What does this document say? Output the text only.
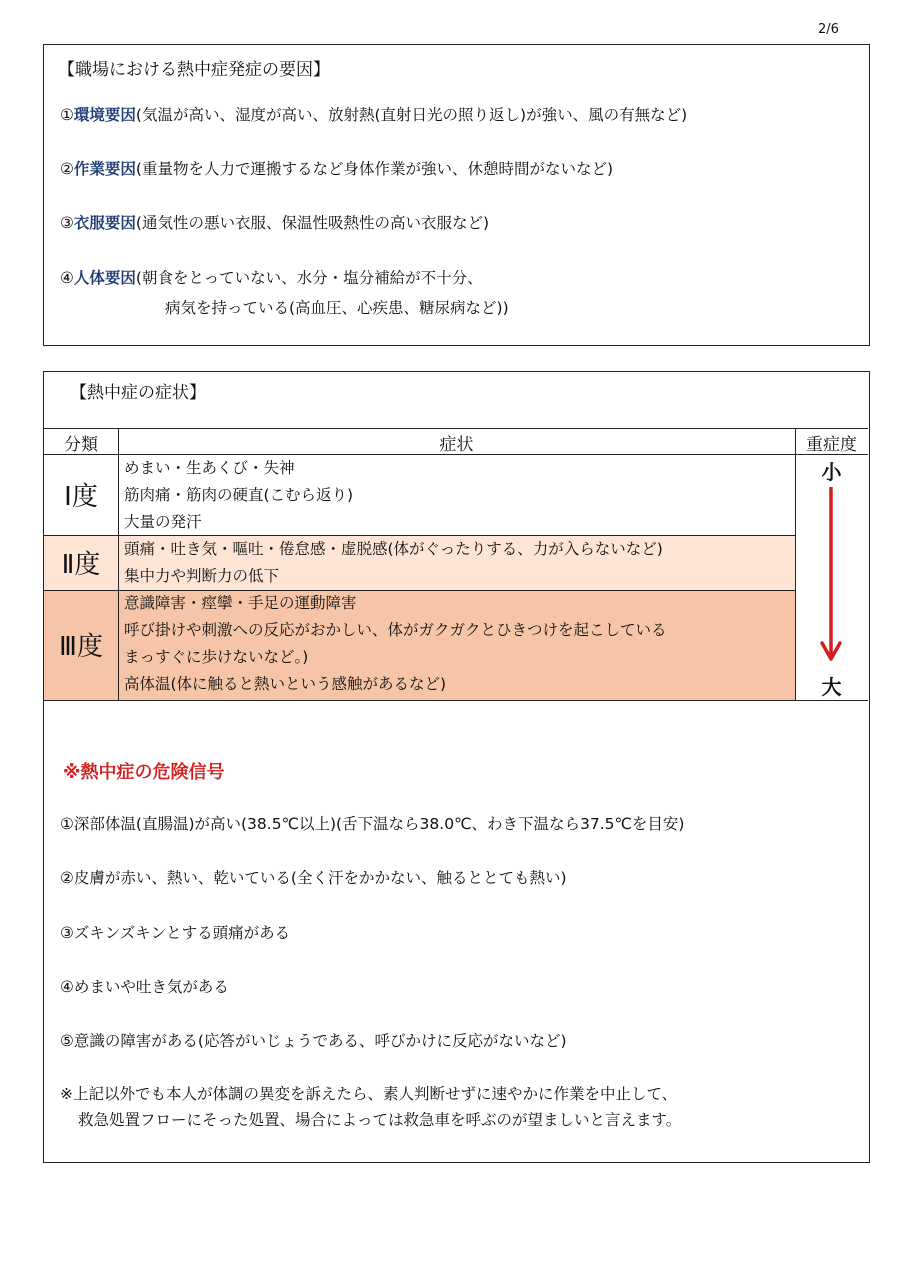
2/6
【職場における熱中症発症の要因】
①環境要因(気温が高い、湿度が高い、放射熱(直射日光の照り返し)が強い、風の有無など)
②作業要因(重量物を人力で運搬するなど身体作業が強い、休憩時間がないなど)
③衣服要因(通気性の悪い衣服、保温性吸熱性の高い衣服など)
④人体要因(朝食をとっていない、水分・塩分補給が不十分、
病気を持っている(高血圧、心疾患、糖尿病など))
【熱中症の症状】
分類	症状	重症度
Ⅰ度
めまい・生あくび・失神
筋肉痛・筋肉の硬直(こむら返り)
大量の発汗
Ⅱ度
頭痛・吐き気・嘔吐・倦怠感・虚脱感(体がぐったりする、力が入らないなど)
集中力や判断力の低下
Ⅲ度
意識障害・痙攣・手足の運動障害
呼び掛けや刺激への反応がおかしい、体がガクガクとひきつけを起こしている
まっすぐに歩けないなど。)
高体温(体に触ると熱いという感触があるなど)
小
大
※熱中症の危険信号
①深部体温(直腸温)が高い(38.5℃以上)(舌下温なら38.0℃、わき下温なら37.5℃を目安)
②皮膚が赤い、熱い、乾いている(全く汗をかかない、触るととても熱い)
③ズキンズキンとする頭痛がある
④めまいや吐き気がある
⑤意識の障害がある(応答がいじょうである、呼びかけに反応がないなど)
※上記以外でも本人が体調の異変を訴えたら、素人判断せずに速やかに作業を中止して、
救急処置フローにそった処置、場合によっては救急車を呼ぶのが望ましいと言えます。
